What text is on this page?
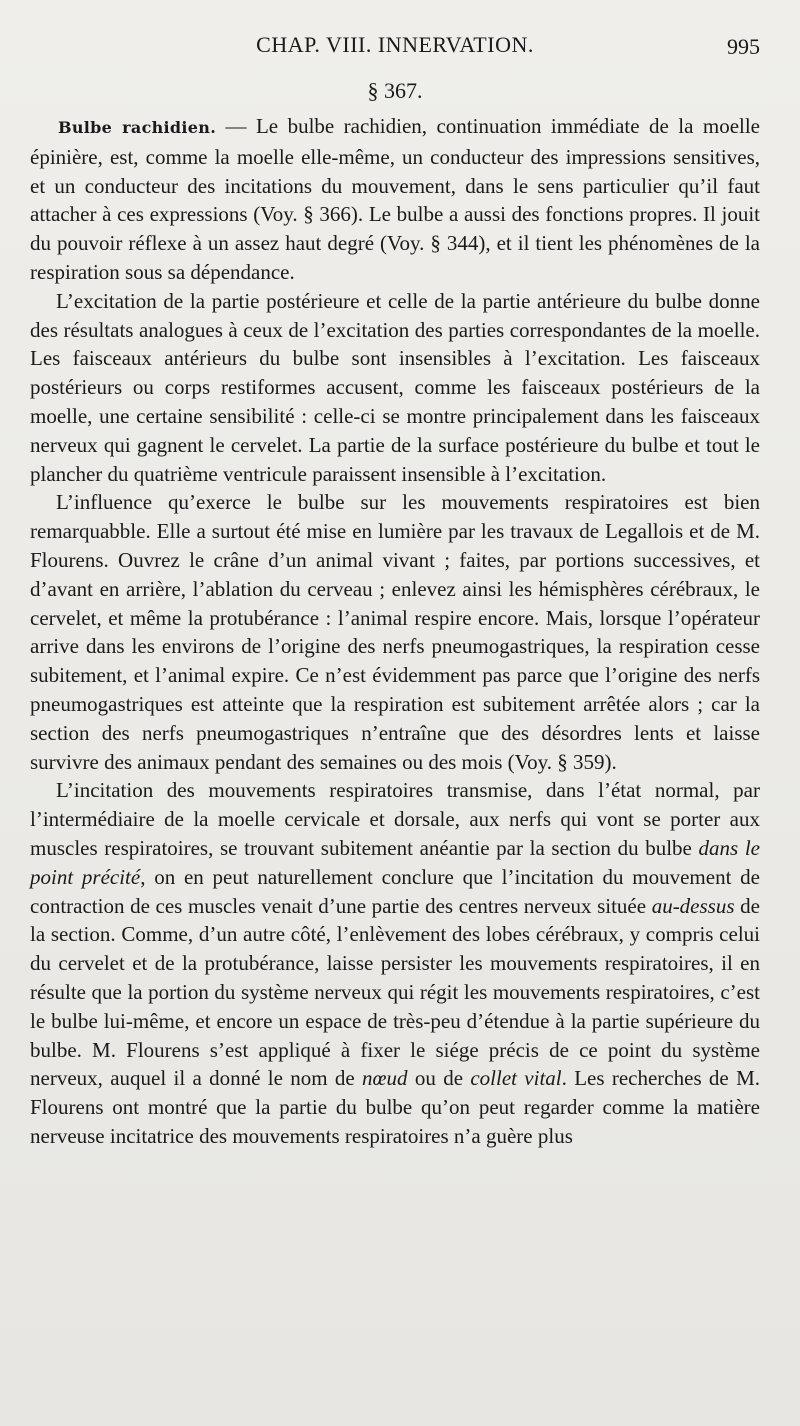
CHAP. VIII. INNERVATION.	995
§ 367.

Bulbe rachidien. — Le bulbe rachidien, continuation immédiate de la moelle épinière, est, comme la moelle elle-même, un conducteur des impressions sensitives, et un conducteur des incitations du mouvement, dans le sens particulier qu’il faut attacher à ces expressions (Voy. § 366). Le bulbe a aussi des fonctions propres. Il jouit du pouvoir réflexe à un assez haut degré (Voy. § 344), et il tient les phénomènes de la respiration sous sa dépendance.

L’excitation de la partie postérieure et celle de la partie antérieure du bulbe donne des résultats analogues à ceux de l’excitation des parties correspondantes de la moelle. Les faisceaux antérieurs du bulbe sont insensibles à l’excitation. Les faisceaux postérieurs ou corps restiformes accusent, comme les faisceaux postérieurs de la moelle, une certaine sensibilité : celle-ci se montre principalement dans les faisceaux nerveux qui gagnent le cervelet. La partie de la surface postérieure du bulbe et tout le plancher du quatrième ventricule paraissent insensible à l’excitation.

L’influence qu’exerce le bulbe sur les mouvements respiratoires est bien remarquabble. Elle a surtout été mise en lumière par les travaux de Legallois et de M. Flourens. Ouvrez le crâne d’un animal vivant ; faites, par portions successives, et d’avant en arrière, l’ablation du cerveau ; enlevez ainsi les hémisphères cérébraux, le cervelet, et même la protubérance : l’animal respire encore. Mais, lorsque l’opérateur arrive dans les environs de l’origine des nerfs pneumogastriques, la respiration cesse subitement, et l’animal expire. Ce n’est évidemment pas parce que l’origine des nerfs pneumogastriques est atteinte que la respiration est subitement arrêtée alors ; car la section des nerfs pneumogastriques n’entraîne que des désordres lents et laisse survivre des animaux pendant des semaines ou des mois (Voy. § 359).

L’incitation des mouvements respiratoires transmise, dans l’état normal, par l’intermédiaire de la moelle cervicale et dorsale, aux nerfs qui vont se porter aux muscles respiratoires, se trouvant subitement anéantie par la section du bulbe dans le point précité, on en peut naturellement conclure que l’incitation du mouvement de contraction de ces muscles venait d’une partie des centres nerveux située au-dessus de la section. Comme, d’un autre côté, l’enlèvement des lobes cérébraux, y compris celui du cervelet et de la protubérance, laisse persister les mouvements respiratoires, il en résulte que la portion du système nerveux qui régit les mouvements respiratoires, c’est le bulbe lui-même, et encore un espace de très-peu d’étendue à la partie supérieure du bulbe. M. Flourens s’est appliqué à fixer le siége précis de ce point du système nerveux, auquel il a donné le nom de nœud ou de collet vital. Les recherches de M. Flourens ont montré que la partie du bulbe qu’on peut regarder comme la matière nerveuse incitatrice des mouvements respiratoires n’a guère plus
